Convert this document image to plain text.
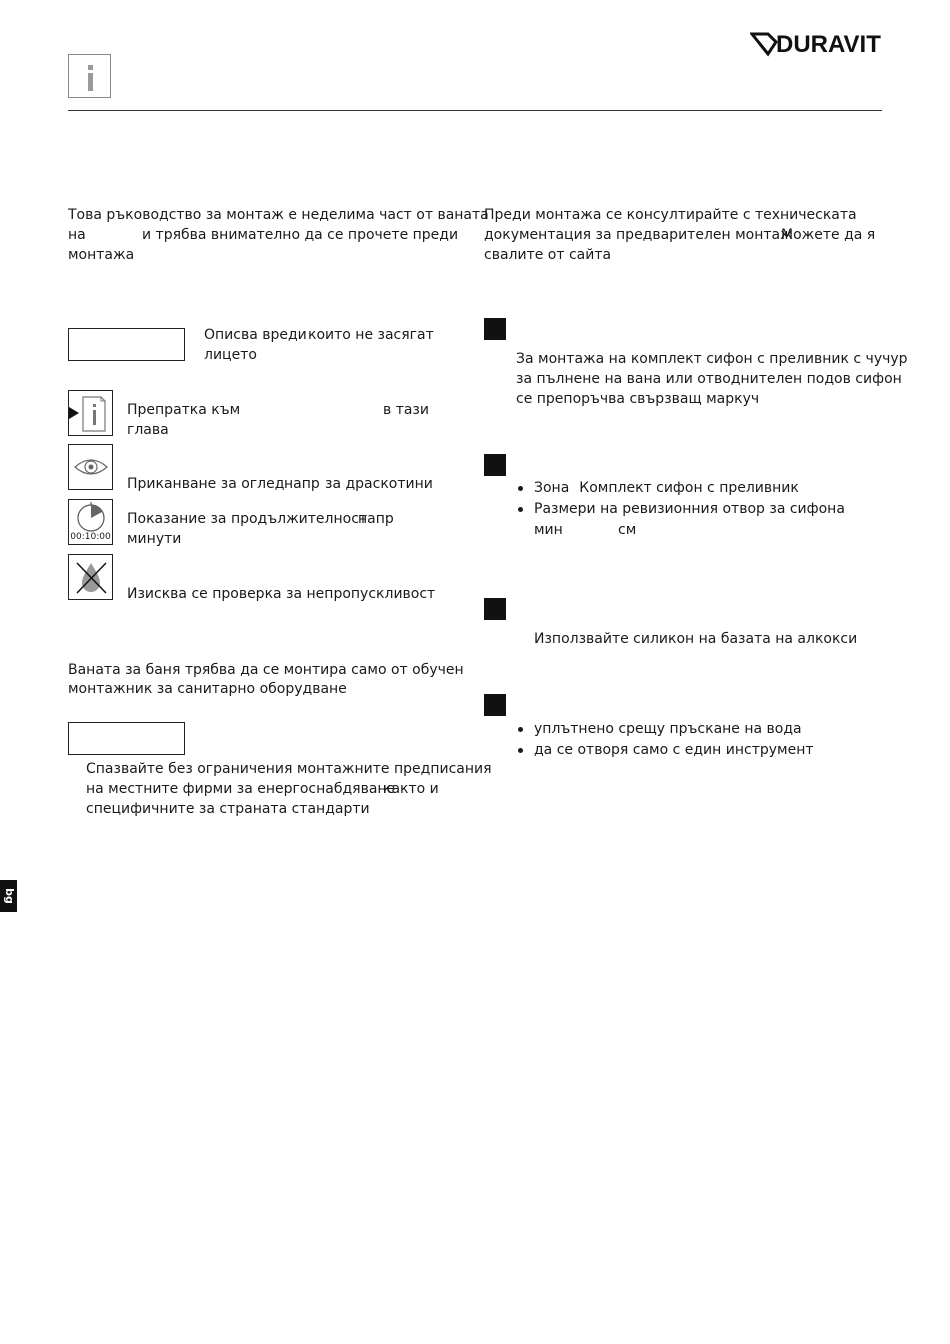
DURAVIT
Това ръководство за монтаж е неделима част от ваната
на	и трябва внимателно да се прочете преди
монтажа
Преди монтажа се консултирайте с техническата
документация за предварителен монтаж
Можете да я
свалите от сайта
Описва вреди които не засягат
лицето
Препратка към	в тази
глава
Приканване за оглед напр за драскотини
00:10:00
Показание за продължителност
напр
минути
Изисква се проверка за непропускливост
Ваната за баня трябва да се монтира само от обучен
монтажник за санитарно оборудване
Спазвайте без ограничения монтажните предписания
на местните фирми за енергоснабдяване
както и
специфичните за страната стандарти
За монтажа на комплект сифон с преливник с чучур
за пълнене на вана или отводнителен подов сифон
се препоръчва свързващ маркуч
Зона Комплект сифон с преливник
Размери на ревизионния отвор за сифона
мин	см
Използвайте силикон на базата на алкокси
уплътнено срещу пръскане на вода
да се отворя само с един инструмент
bg
